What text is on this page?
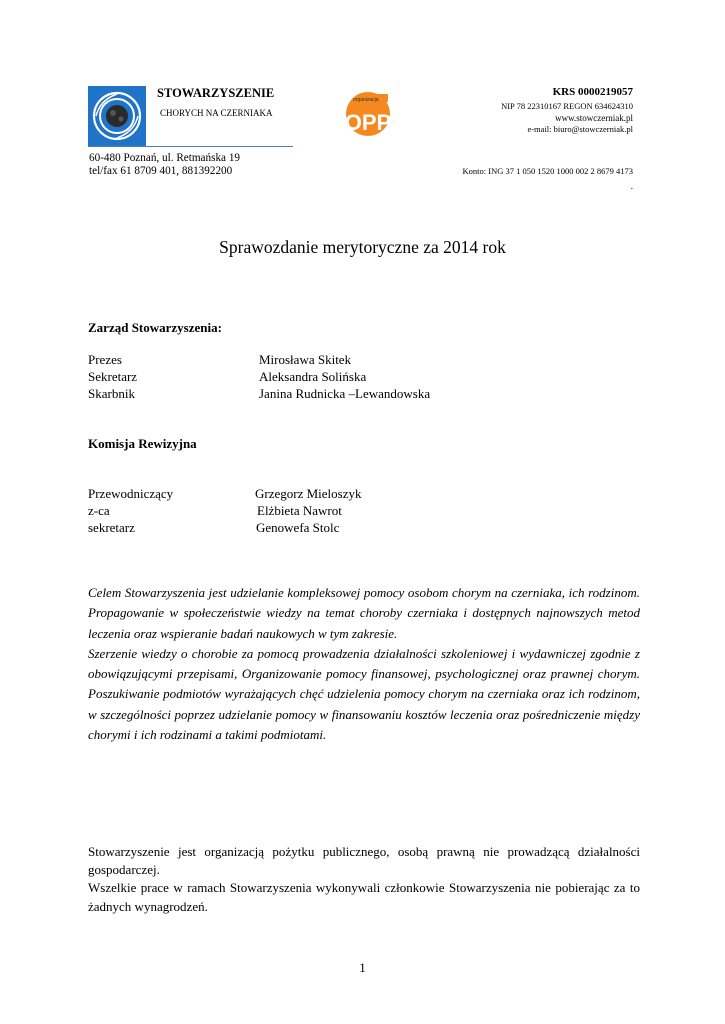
STOWARZYSZENIE
CHORYCH NA CZERNIAKA
60-480 Poznań, ul. Retmańska 19
tel/fax 61 8709 401, 881392200
organizacja
OPP
KRS 0000219057
NIP 78 22310167 REGON 634624310
www.stowczerniak.pl
e-mail: biuro@stowczerniak.pl
Konto: ING 37 1 050 1520 1000 002 2 8679 4173
.
Sprawozdanie merytoryczne za 2014 rok
Zarząd Stowarzyszenia:
Prezes	Mirosława Skitek
Sekretarz	Aleksandra Solińska
Skarbnik	Janina Rudnicka –Lewandowska
Komisja Rewizyjna
Przewodniczący	Grzegorz Mieloszyk
z-ca	Elżbieta Nawrot
sekretarz	Genowefa Stolc

Celem Stowarzyszenia jest udzielanie kompleksowej pomocy osobom chorym na czerniaka, ich rodzinom. Propagowanie w społeczeństwie wiedzy na temat choroby czerniaka i dostępnych najnowszych metod leczenia oraz wspieranie badań naukowych w tym zakresie.

Szerzenie wiedzy o chorobie za pomocą prowadzenia działalności szkoleniowej i wydawniczej zgodnie z obowiązującymi przepisami, Organizowanie pomocy finansowej, psychologicznej oraz prawnej chorym. Poszukiwanie podmiotów wyrażających chęć udzielenia pomocy chorym na czerniaka oraz ich rodzinom, w szczególności poprzez udzielanie pomocy w finansowaniu kosztów leczenia oraz pośredniczenie między chorymi i ich rodzinami a takimi podmiotami.

Stowarzyszenie jest organizacją pożytku publicznego, osobą prawną nie prowadzącą działalności gospodarczej.

Wszelkie prace w ramach Stowarzyszenia wykonywali członkowie Stowarzyszenia nie pobierając za to żadnych wynagrodzeń.

1
